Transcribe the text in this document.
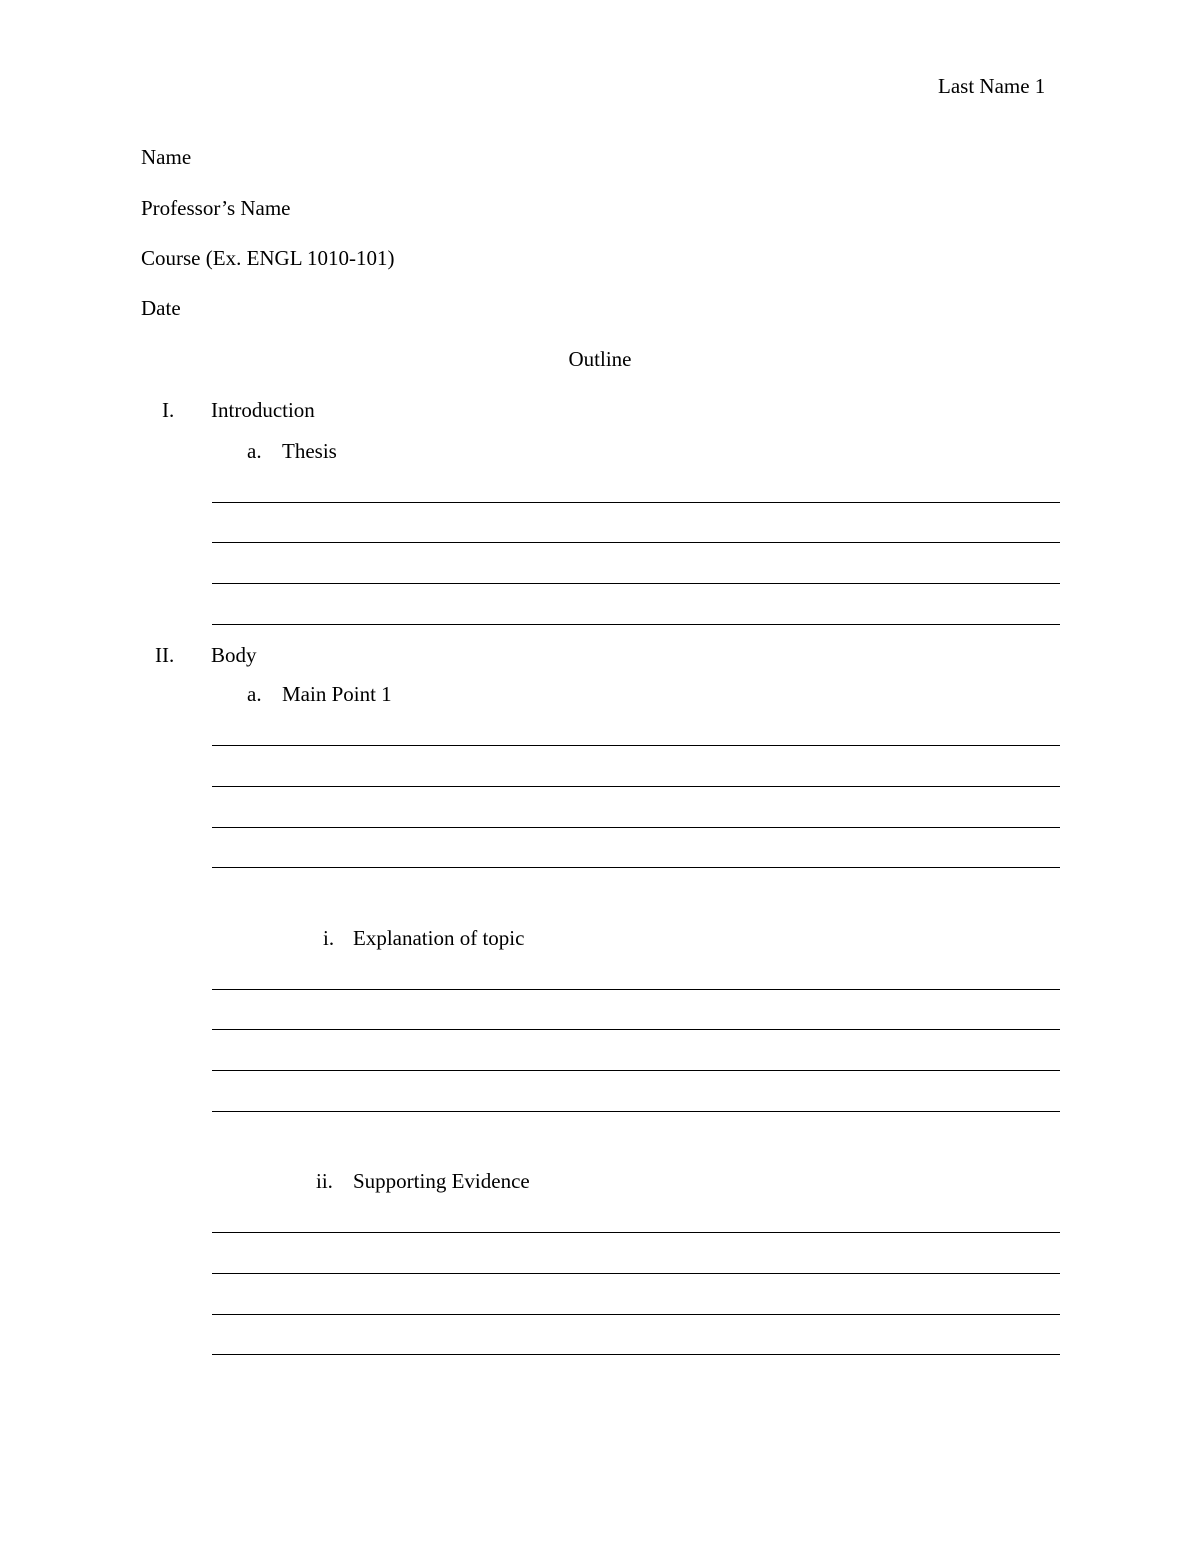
Last Name 1
Name
Professor’s Name
Course (Ex. ENGL 1010-101)
Date
Outline
I. Introduction
a. Thesis
II. Body
a. Main Point 1
i. Explanation of topic
ii. Supporting Evidence
